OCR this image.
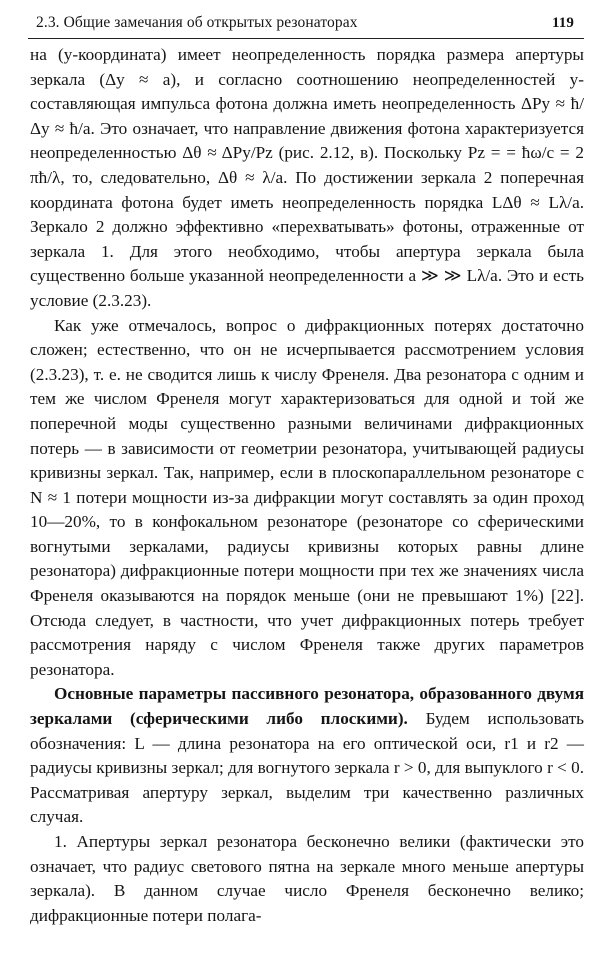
2.3. Общие замечания об открытых резонаторах	119

на (y-координата) имеет неопределенность порядка размера апертуры зеркала (Δy ≈ a), и согласно соотношению неопределенностей y-составляющая импульса фотона должна иметь неопределенность ΔPy ≈ ħ/Δy ≈ ħ/a. Это означает, что направление движения фотона характеризуется неопределенностью Δθ ≈ ΔPy/Pz (рис. 2.12, в). Поскольку Pz = = ħω/c = 2 πħ/λ, то, следовательно, Δθ ≈ λ/a. По достижении зеркала 2 поперечная координата фотона будет иметь неопределенность порядка LΔθ ≈ Lλ/a. Зеркало 2 должно эффективно «перехватывать» фотоны, отраженные от зеркала 1. Для этого необходимо, чтобы апертура зеркала была существенно больше указанной неопределенности a ≫ ≫ Lλ/a. Это и есть условие (2.3.23).

Как уже отмечалось, вопрос о дифракционных потерях достаточно сложен; естественно, что он не исчерпывается рассмотрением условия (2.3.23), т. е. не сводится лишь к числу Френеля. Два резонатора с одним и тем же числом Френеля могут характеризоваться для одной и той же поперечной моды существенно разными величинами дифракционных потерь — в зависимости от геометрии резонатора, учитывающей радиусы кривизны зеркал. Так, например, если в плоскопараллельном резонаторе с N ≈ 1 потери мощности из-за дифракции могут составлять за один проход 10—20%, то в конфокальном резонаторе (резонаторе со сферическими вогнутыми зеркалами, радиусы кривизны которых равны длине резонатора) дифракционные потери мощности при тех же значениях числа Френеля оказываются на порядок меньше (они не превышают 1%) [22]. Отсюда следует, в частности, что учет дифракционных потерь требует рассмотрения наряду с числом Френеля также других параметров резонатора.

Основные параметры пассивного резонатора, образованного двумя зеркалами (сферическими либо плоскими). Будем использовать обозначения: L — длина резонатора на его оптической оси, r1 и r2 — радиусы кривизны зеркал; для вогнутого зеркала r > 0, для выпуклого r < 0. Рассматривая апертуру зеркал, выделим три качественно различных случая.

1. Апертуры зеркал резонатора бесконечно велики (фактически это означает, что радиус светового пятна на зеркале много меньше апертуры зеркала). В данном случае число Френеля бесконечно велико; дифракционные потери полага-
